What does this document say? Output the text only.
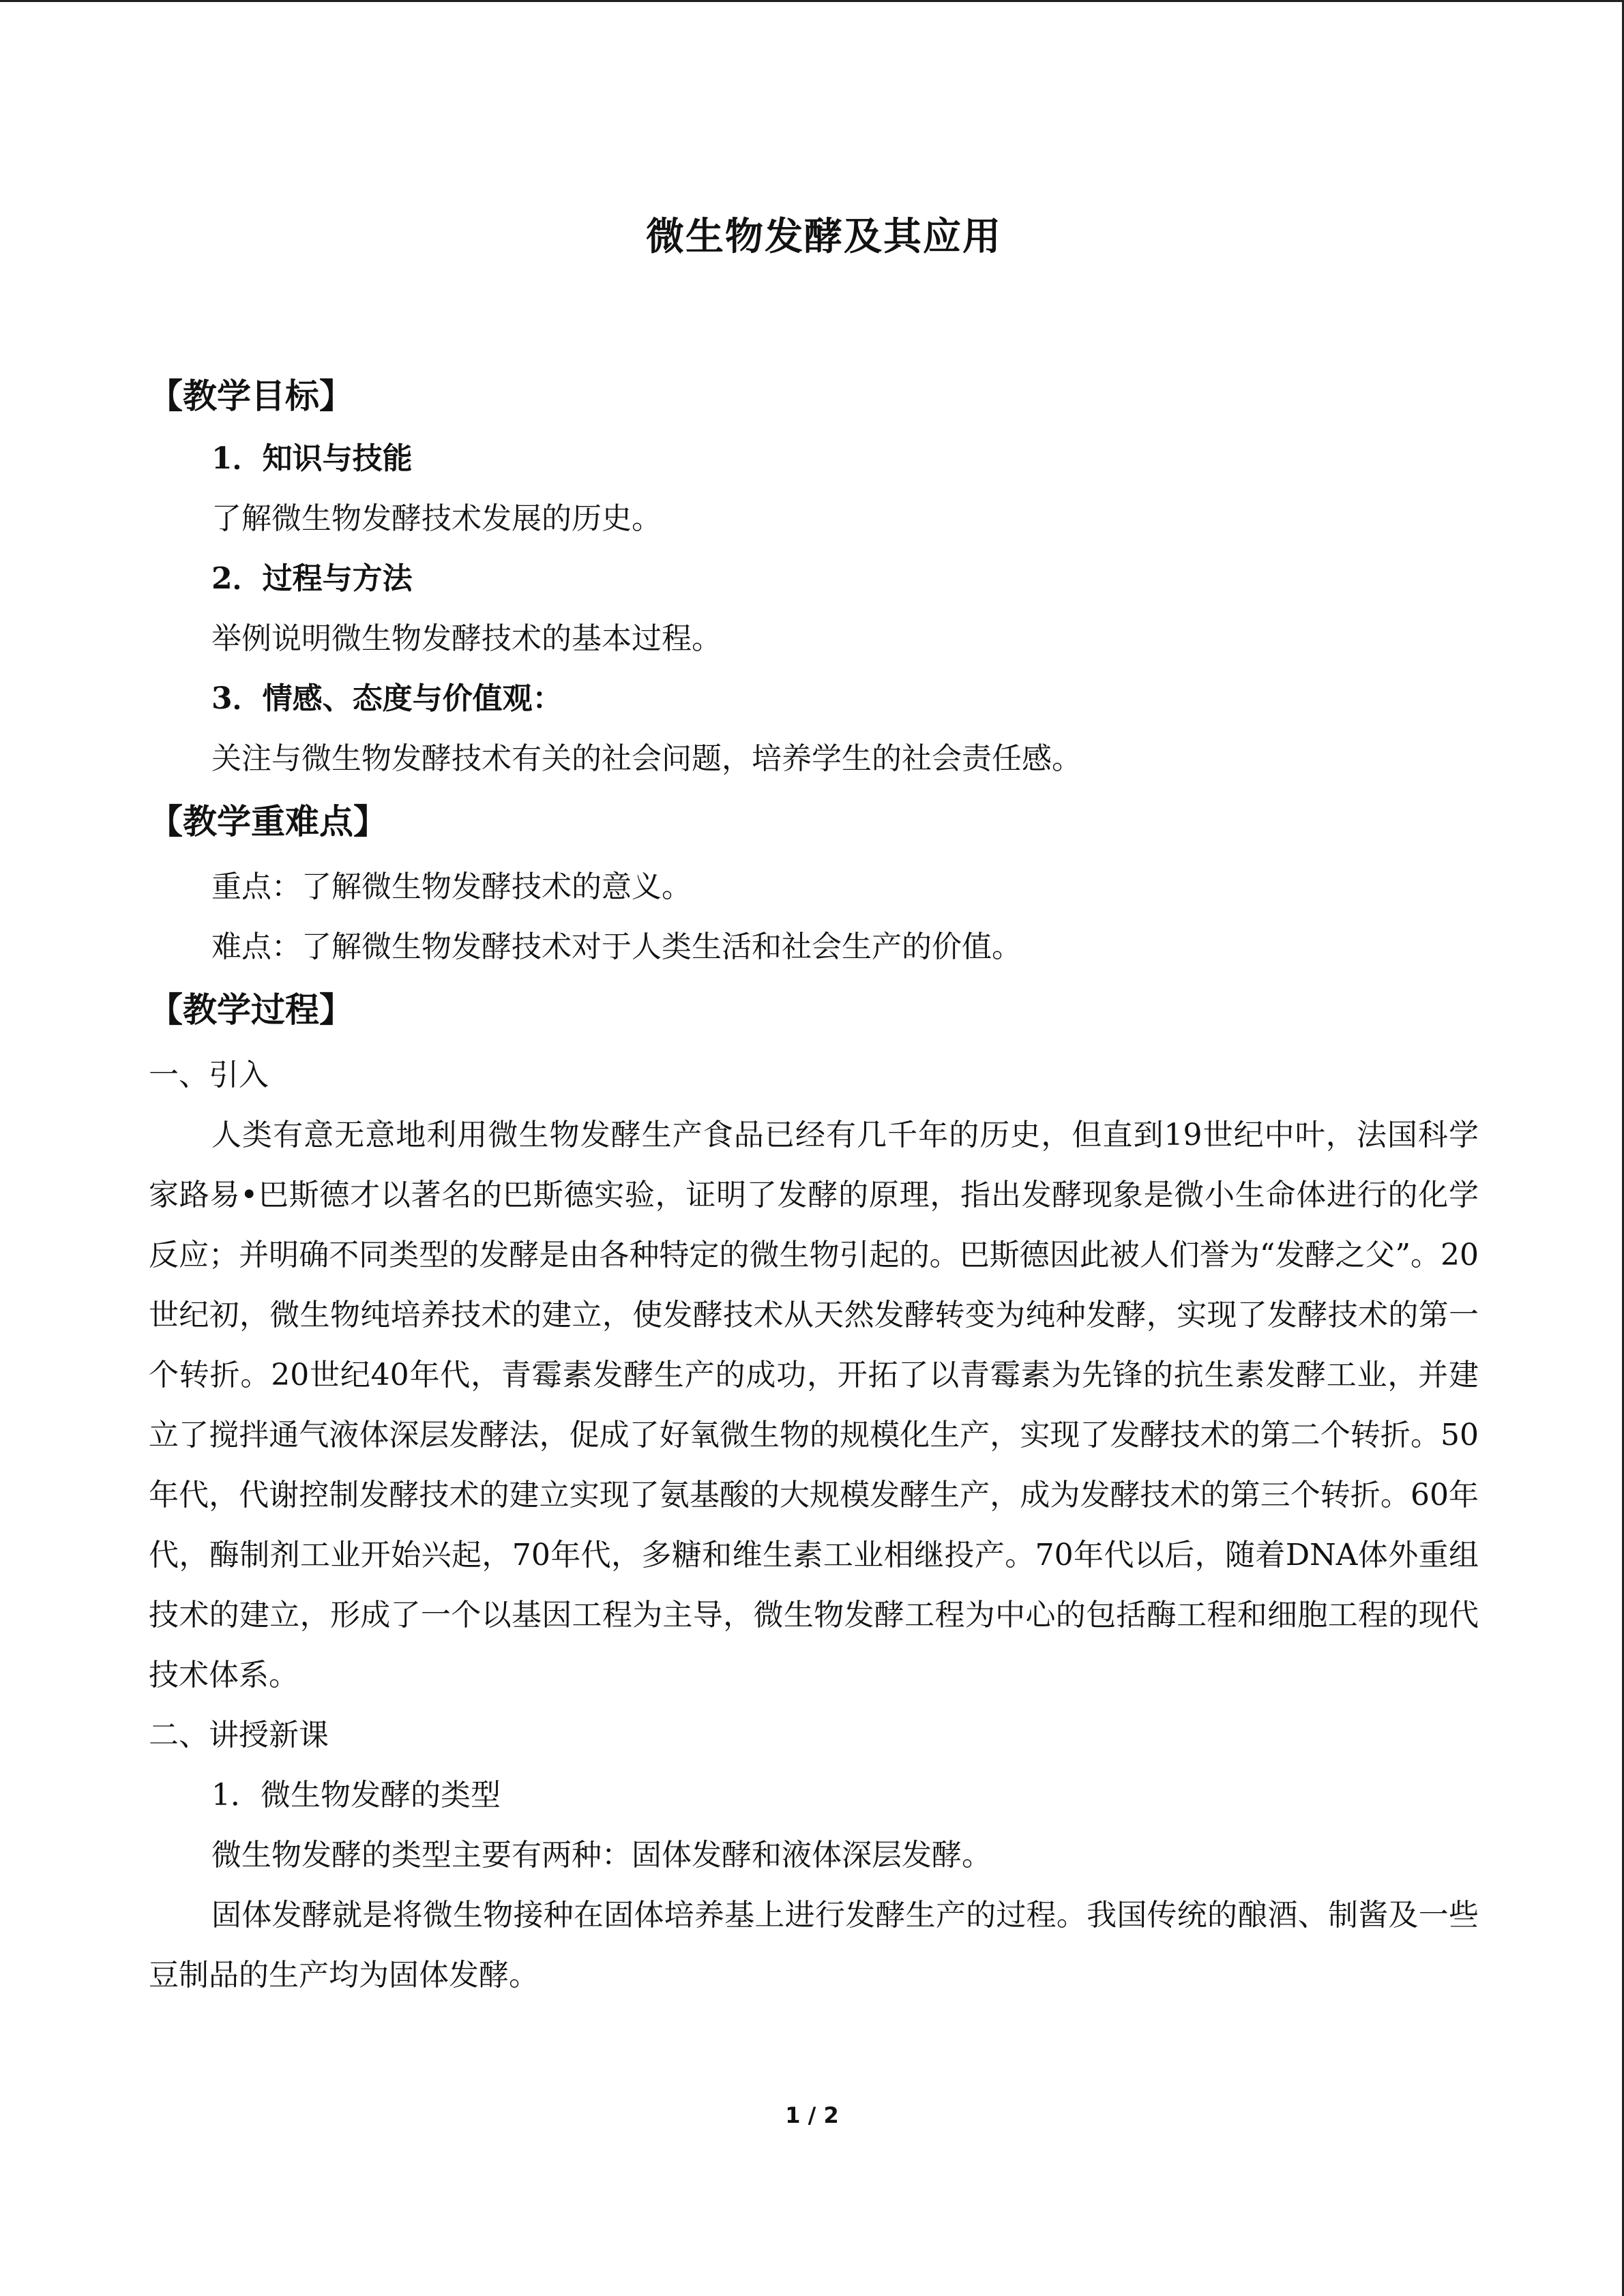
微生物发酵及其应用
【教学目标】
1．知识与技能
了解微生物发酵技术发展的历史。
2．过程与方法
举例说明微生物发酵技术的基本过程。
3．情感、态度与价值观：
关注与微生物发酵技术有关的社会问题，培养学生的社会责任感。
【教学重难点】
重点：了解微生物发酵技术的意义。
难点：了解微生物发酵技术对于人类生活和社会生产的价值。
【教学过程】
一、引入

人类有意无意地利用微生物发酵生产食品已经有几千年的历史，但直到19世纪中叶，法国科学家路易•巴斯德才以著名的巴斯德实验，证明了发酵的原理，指出发酵现象是微小生命体进行的化学反应；并明确不同类型的发酵是由各种特定的微生物引起的。巴斯德因此被人们誉为“发酵之父”。20世纪初，微生物纯培养技术的建立，使发酵技术从天然发酵转变为纯种发酵，实现了发酵技术的第一个转折。20世纪40年代，青霉素发酵生产的成功，开拓了以青霉素为先锋的抗生素发酵工业，并建立了搅拌通气液体深层发酵法，促成了好氧微生物的规模化生产，实现了发酵技术的第二个转折。50年代，代谢控制发酵技术的建立实现了氨基酸的大规模发酵生产，成为发酵技术的第三个转折。60年代，酶制剂工业开始兴起，70年代，多糖和维生素工业相继投产。70年代以后，随着DNA体外重组技术的建立，形成了一个以基因工程为主导，微生物发酵工程为中心的包括酶工程和细胞工程的现代技术体系。

二、讲授新课
1．微生物发酵的类型

微生物发酵的类型主要有两种：固体发酵和液体深层发酵。

固体发酵就是将微生物接种在固体培养基上进行发酵生产的过程。我国传统的酿酒、制酱及一些豆制品的生产均为固体发酵。

1 / 2
